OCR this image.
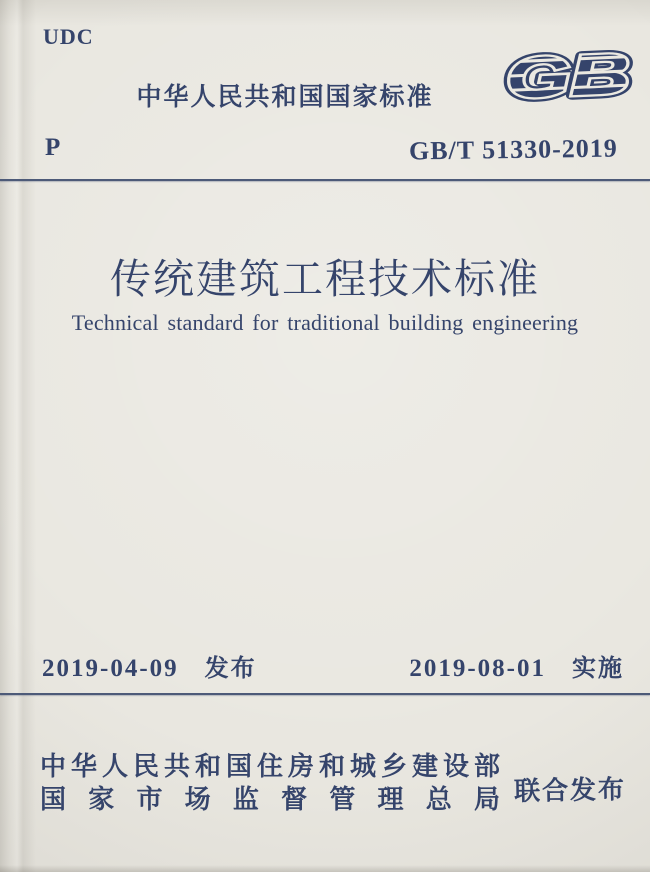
UDC
中华人民共和国国家标准
P	GB/T 51330-2019
传统建筑工程技术标准
Technical standard for traditional building engineering
2019-04-09 发布	2019-08-01 实施
中华人民共和国住房和城乡建设部
国家市场监督管理总局 联合发布
